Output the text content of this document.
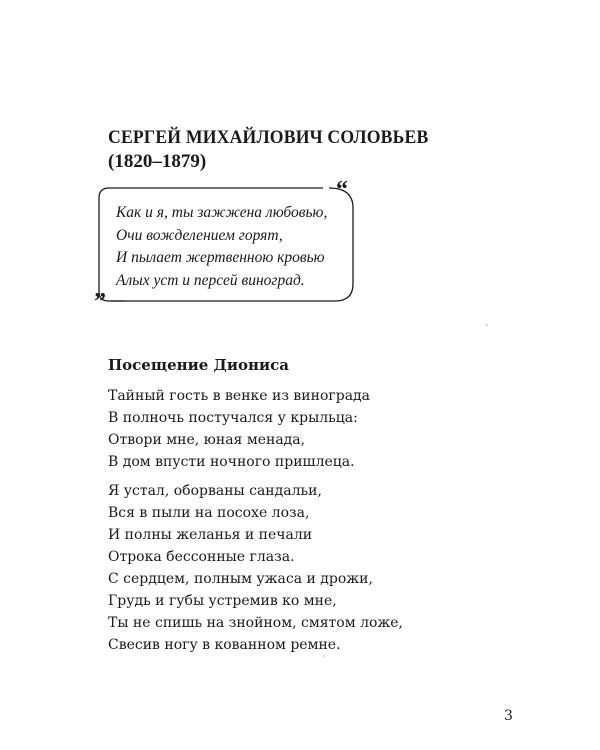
СЕРГЕЙ МИХАЙЛОВИЧ СОЛОВЬЕВ
(1820–1879)
“
”
Как и я, ты зажжена любовью,
Очи вожделением горят,
И пылает жертвенною кровью
Алых уст и персей виноград.
Посещение Диониса
Тайный гость в венке из винограда
В полночь постучался у крыльца:
Отвори мне, юная менада,
В дом впусти ночного пришлеца.
Я устал, оборваны сандальи,
Вся в пыли на посохе лоза,
И полны желанья и печали
Отрока бессонные глаза.
С сердцем, полным ужаса и дрожи,
Грудь и губы устремив ко мне,
Ты не спишь на знойном, смятом ложе,
Свесив ногу в кованном ремне.
3
